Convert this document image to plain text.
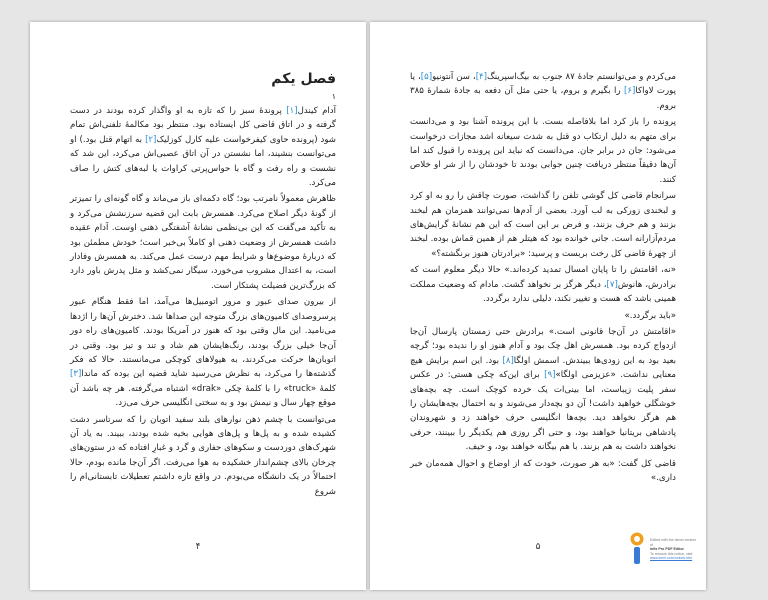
فصل یکم
۱

آدام کیندل[۱] پروندهٔ سبز را که تازه به او واگذار کرده بودند در دست گرفته و در اتاق قاضی کل ایستاده بود. منتظر بود مکالمهٔ تلفنی‌اش تمام شود (پرونده حاوی کیفرخواست علیه کارل کوزلیک[۲] به اتهام قتل بود.) او می‌توانست بنشیند، اما نشستن در آن اتاق عصبی‌اش می‌کرد، این شد که نشست و راه رفت و گاه با حواس‌پرتی کراوات یا لبه‌های کتش را صاف می‌کرد.

ظاهرش معمولاً نامرتب بود؛ گاه دکمه‌ای باز می‌ماند و گاه گونه‌ای را تمیزتر از گونهٔ دیگر اصلاح می‌کرد. همسرش بابت این قضیه سرزنشش می‌کرد و به تأکید می‌گفت که این بی‌نظمی نشانهٔ آشفتگی ذهنی اوست. آدام عقیده داشت همسرش از وضعیت ذهنی او کاملاً بی‌خبر است؛ خودش مطمئن بود که دربارهٔ موضوع‌ها و شرایط مهم درست عمل می‌کند. به همسرش وفادار است، به اعتدال مشروب می‌خورد، سیگار نمی‌کشد و مثل پدرش باور دارد که بزرگ‌ترین فضیلت پشتکار است.

از بیرون صدای عبور و مرور اتومبیل‌ها می‌آمد، اما فقط هنگام عبور پرسروصدای کامیون‌های بزرگ متوجه این صداها شد. دخترش آن‌ها را اژدها می‌نامید. این مال وقتی بود که هنوز در آمریکا بودند. کامیون‌های راه دور آن‌جا خیلی بزرگ بودند، رنگ‌هایشان هم شاد و تند و تیز بود. وقتی در اتوبان‌ها حرکت می‌کردند، به هیولاهای کوچکی می‌مانستند. حالا که فکر گذشته‌ها را می‌کرد، به نظرش می‌رسید شاید قضیه این بوده که ماندا[۳] کلمهٔ «truck» را با کلمهٔ چکی «drak» اشتباه می‌گرفته. هر چه باشد آن موقع چهار سال و نیمش بود و به سختی انگلیسی حرف می‌زد.

می‌توانست با چشم ذهن نوارهای بلند سفید اتوبان را که سرتاسر دشت کشیده شده و به پل‌ها و پل‌های هوایی بخیه شده بودند، ببیند. به یاد آن شهرک‌های دوردست و سکوهای حفاری و گرد و غبارِ افتاده که در ستون‌های چرخان بالای چشم‌انداز خشکیده به هوا می‌رفت. اگر آن‌جا مانده بودم، حالا احتمالاً در یک دانشگاه می‌بودم. در واقع تازه داشتم تعطیلات تابستانی‌ام را شروع

۴

می‌کردم و می‌توانستم جادهٔ ۸۷ جنوب به بیگ‌اسپرینگ[۴]، سن آنتونیو[۵]، یا پورت لاواکا[۶] را بگیرم و بروم، یا حتی مثل آن دفعه به جادهٔ شمارهٔ ۳۸۵ بروم.

پرونده را باز کرد اما بلافاصله بست. با این پرونده آشنا بود و می‌دانست برای متهم به دلیل ارتکاب دو قتل به شدت سیعانه اشد مجازات درخواست می‌شود: جان در برابر جان. می‌دانست که نباید این پرونده را قبول کند اما آن‌ها دقیقاً منتظر دریافت چنین جوابی بودند تا خودشان را از شر او خلاص کنند.

سرانجام قاضی کل گوشی تلفن را گذاشت، صورت چاقش را رو به او کرد و لبخندی زورکی به لب آورد. بعضی از آدم‌ها نمی‌توانند همزمان هم لبخند بزنند و هم حرف بزنند، و فرض بر این است که این هم نشانهٔ گرایش‌های مردم‌آزارانه است. جانی خوانده بود که هیتلر هم از همین قماش بوده. لبخند از چهرهٔ قاضی کل رخت بربست و پرسید: «برادرتان هنوز برنگشته؟»

«نه، اقامتش را تا پایان امسال تمدید کرده‌اند.» حالا دیگر معلوم است که برادرش، هانوش[۷]، دیگر هرگز بر نخواهد گشت. مادام که وضعیت مملکت همینی باشد که هست و تغییر نکند، دلیلی ندارد برگردد.

«باید برگردد.»

«اقامتش در آن‌جا قانونی است.» برادرش حتی زمستان پارسال آن‌جا ازدواج کرده بود. همسرش اهل چک بود و آدام هنوز او را ندیده بود؛ گرچه بعید بود به این زودی‌ها ببیندش. اسمش اولگا[۸] بود. این اسم برایش هیچ معنایی نداشت. «عزیزمی اولگا»[۹] برای این‌که چکی هستی: در عکس سفر پلیت زیباست، اما بینی‌ات یک خرده کوچک است. چه بچه‌های خوشگلی خواهید داشت! آن دو بچه‌دار می‌شوند و به احتمال بچه‌هایشان را هم هرگز نخواهد دید. بچه‌ها انگلیسی حرف خواهند زد و شهروندان پادشاهی بریتانیا خواهند بود، و حتی اگر روزی هم یکدیگر را ببینند، حرفی نخواهند داشت به هم بزنند. با هم بیگانه خواهند بود، و حیف.

قاضی کل گفت: «به هر صورت، خودت که از اوضاع و احوال همه‌مان خبر داری.»

۵
Edited with the demo version of
Infix Pro PDF Editor
To remove this notice, visit:
www.iceni.com/unlock.htm
